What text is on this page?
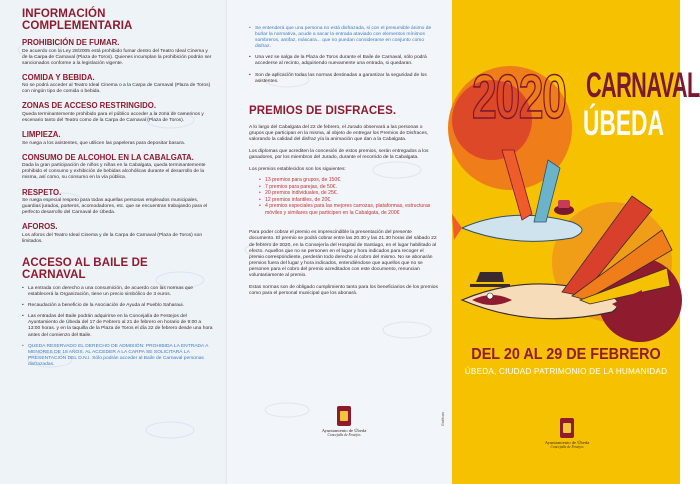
INFORMACIÓN COMPLEMENTARIA
PROHIBICIÓN DE FUMAR.
De acuerdo con la Ley 28/2005 está prohibido fumar dentro del Teatro Ideal Cinema y de la Carpa de Carnaval (Plaza de Toros). Quienes incumplan la prohibición podrán ser sancionados conforme a la legislación vigente.
COMIDA Y BEBIDA.
No se podrá acceder al Teatro Ideal Cinema o a la Carpa de Carnaval (Plaza de Toros) con ningún tipo de comida o bebida.
ZONAS DE ACCESO RESTRINGIDO.
Queda terminantemente prohibido para el público acceder a la zona de camerinos y escenario tanto del Teatro como de la Carpa de Carnaval (Plaza de Toros).
LIMPIEZA.
Se ruega a los asistentes, que utilicen las papeleras para depositar basura.
CONSUMO DE ALCOHOL EN LA CABALGATA.
Dada la gran participación de niños y niñas en la Cabalgata, queda terminantemente prohibido el consumo y exhibición de bebidas alcohólicas durante el desarrollo de la misma, así como, su consumo en la vía pública.
RESPETO.
Se ruega especial respeto para todas aquellas personas empleados municipales, guardias jurados, porteros, acomodadores, etc. que se encuentran trabajando para el perfecto desarrollo del Carnaval de Úbeda.
AFOROS.
Los aforos del Teatro Ideal Cinema y de la Carpa de Carnaval (Plaza de Toros) son limitados.
ACCESO AL BAILE DE CARNAVAL
• La entrada con derecho a una consumición, de acuerdo con las normas que establecerá la Organización, tiene un precio simbólico de 3 euros.
• Recaudación a beneficio de la Asociación de Ayuda al Pueblo Saharaui.
• Las entradas del Baile podrán adquirirse en la Concejalía de Festejos del Ayuntamiento de Úbeda del 17 de Febrero al 21 de febrero en horario de 9:00 a 13:00 horas. y en la taquilla de la Plaza de Toros el día 22 de febrero desde una hora antes del comienzo del Baile.
• QUEDA RESERVADO EL DERECHO DE ADMISIÓN: PROHIBIDA LA ENTRADA A MENORES DE 18 AÑOS. AL ACCEDER A LA CARPA SE SOLICITARÁ LA PRESENTACIÓN DEL D.N.I. Sólo podrán acceder al Baile de Carnaval personas disfrazadas.
• Se entenderá que una persona no está disfrazada, si con el presumible ánimo de burlar la normativa, acude a sacar la entrada ataviado con elementos mínimos sombreros, antifaz, máscara... que no puedan considerarse en conjunto como disfraz.
• Una vez se salga de la Plaza de Toros durante el Baile de Carnaval, sólo podrá accederse al recinto, adquiriendo nuevamente una entrada, si quedaran.
• Son de aplicación todas las normas destinadas a garantizar la seguridad de los asistentes.
PREMIOS DE DISFRACES.
A lo largo del Cabalgata del 22 de febrero, el Jurado observará a las personas o grupos que participan en la misma, al objeto de entregar los Premios de Disfraces, valorando la calidad del disfraz y/a la animación que dan a la Cabalgata.
Los diplomas que acrediten la concesión de estos premios, serán entregados a los ganadores, por los miembros del Jurado, durante el recorrido de la Cabalgata.
Los premios establecidos son los siguientes:
• 13 premios para grupos, de 150€.
• 7 premios para parejas, de 50€.
• 20 premios individuales, de 25€.
• 12 premios infantiles, de 20€.
• 4 premios especiales para las mejores carrozas, plataformas, estructuras móviles y similares que participen en la Cabalgata, de 200€
Para poder cobrar el premio es imprescindible la presentación del presente documento. El premio se podrá cobrar entre las 20.30 y las 21.30 horas del sábado 22 de febrero de 2020, en la Consejería del Hospital de Santiago, en el lugar habilitado al efecto. Aquellos que no se personen en el lugar y hora indicados para recoger el premio correspondiente, perderán todo derecho al cobro del mismo. No se abonarán premios fuera del lugar y hora indicados, entendiéndose que aquellos que no se personen para el cobro del premio acreditados con este documento, renuncian voluntariamente al premio.
Estas normas son de obligado cumplimiento tanto para los beneficiarios de los premios como para el personal municipal que los abonará.
Ayuntamiento de Úbeda
Concejalía de Festejos
Gráficas
2020 CARNAVAL
ÚBEDA
DEL 20 AL 29 DE FEBRERO
ÚBEDA, CIUDAD PATRIMONIO DE LA HUMANIDAD
Ayuntamiento de Úbeda
Concejalía de Festejos
